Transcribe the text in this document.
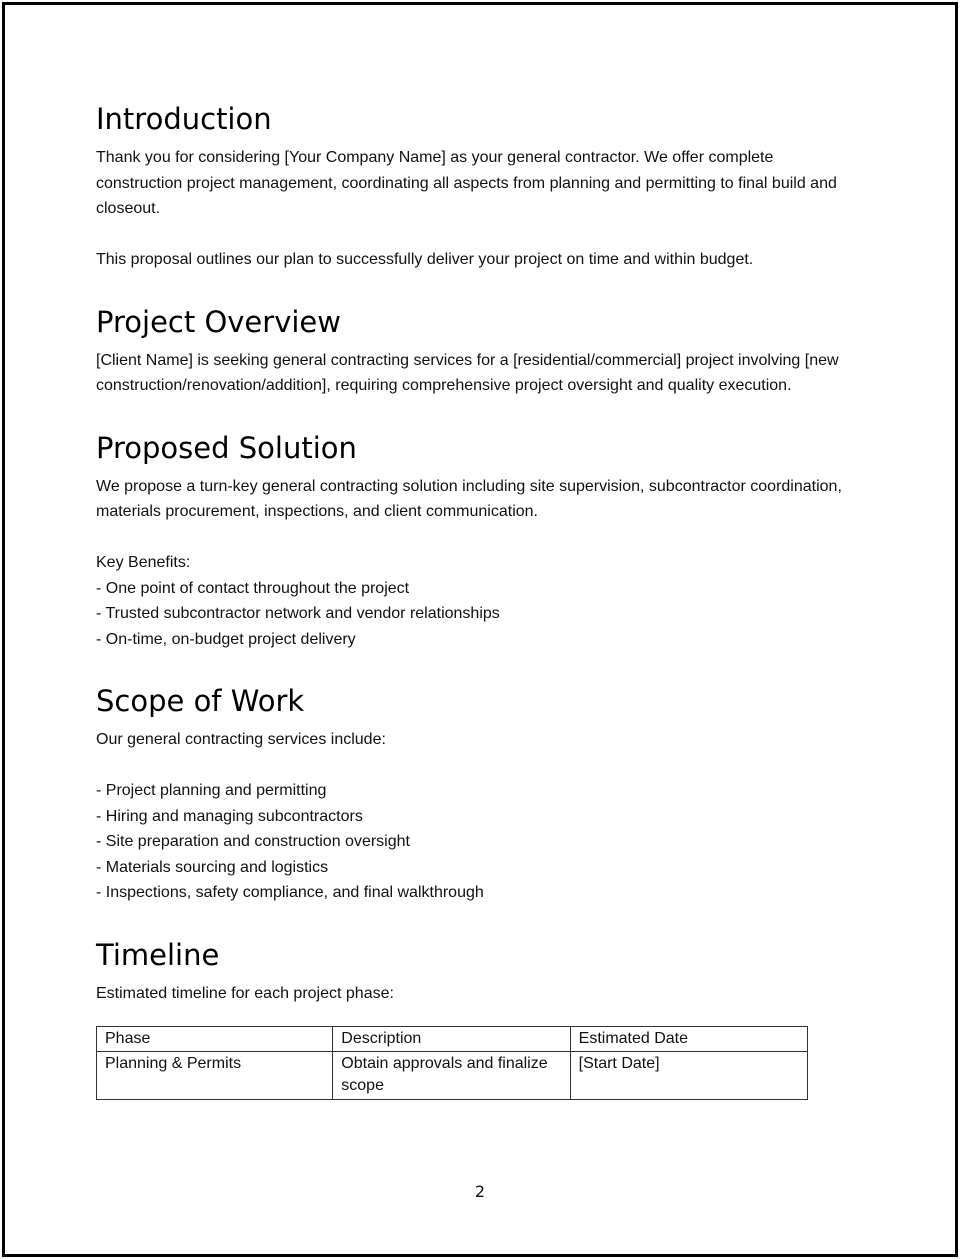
Introduction

Thank you for considering [Your Company Name] as your general contractor. We offer complete construction project management, coordinating all aspects from planning and permitting to final build and closeout.

This proposal outlines our plan to successfully deliver your project on time and within budget.

Project Overview

[Client Name] is seeking general contracting services for a [residential/commercial] project involving [new construction/renovation/addition], requiring comprehensive project oversight and quality execution.

Proposed Solution

We propose a turn-key general contracting solution including site supervision, subcontractor coordination, materials procurement, inspections, and client communication.

Key Benefits:

- One point of contact throughout the project
- Trusted subcontractor network and vendor relationships
- On-time, on-budget project delivery
Scope of Work

Our general contracting services include:

- Project planning and permitting
- Hiring and managing subcontractors
- Site preparation and construction oversight
- Materials sourcing and logistics
- Inspections, safety compliance, and final walkthrough
Timeline

Estimated timeline for each project phase:

Phase	Description	Estimated Date
Planning & Permits	Obtain approvals and finalize scope	[Start Date]
2
